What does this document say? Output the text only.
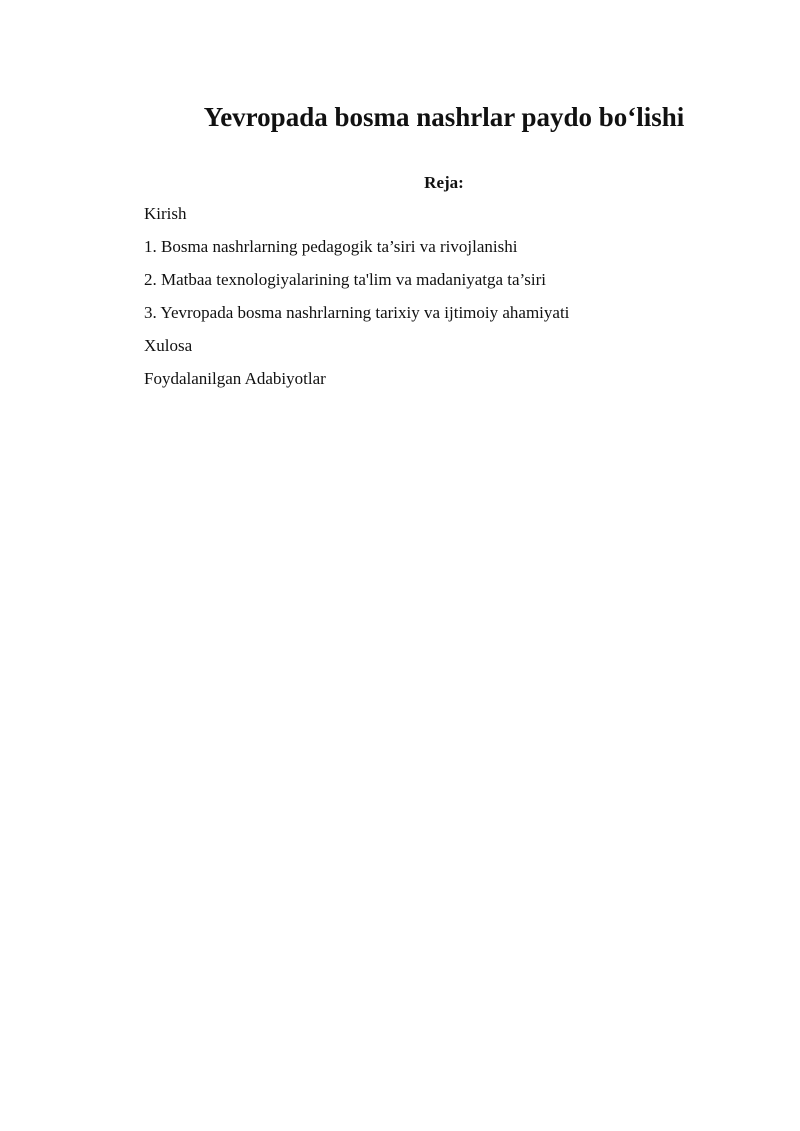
Yevropada bosma nashrlar paydo bo‘lishi
Reja:
Kirish
1. Bosma nashrlarning pedagogik ta’siri va rivojlanishi
2. Matbaa texnologiyalarining ta'lim va madaniyatga ta’siri
3. Yevropada bosma nashrlarning tarixiy va ijtimoiy ahamiyati
Xulosa
Foydalanilgan Adabiyotlar
